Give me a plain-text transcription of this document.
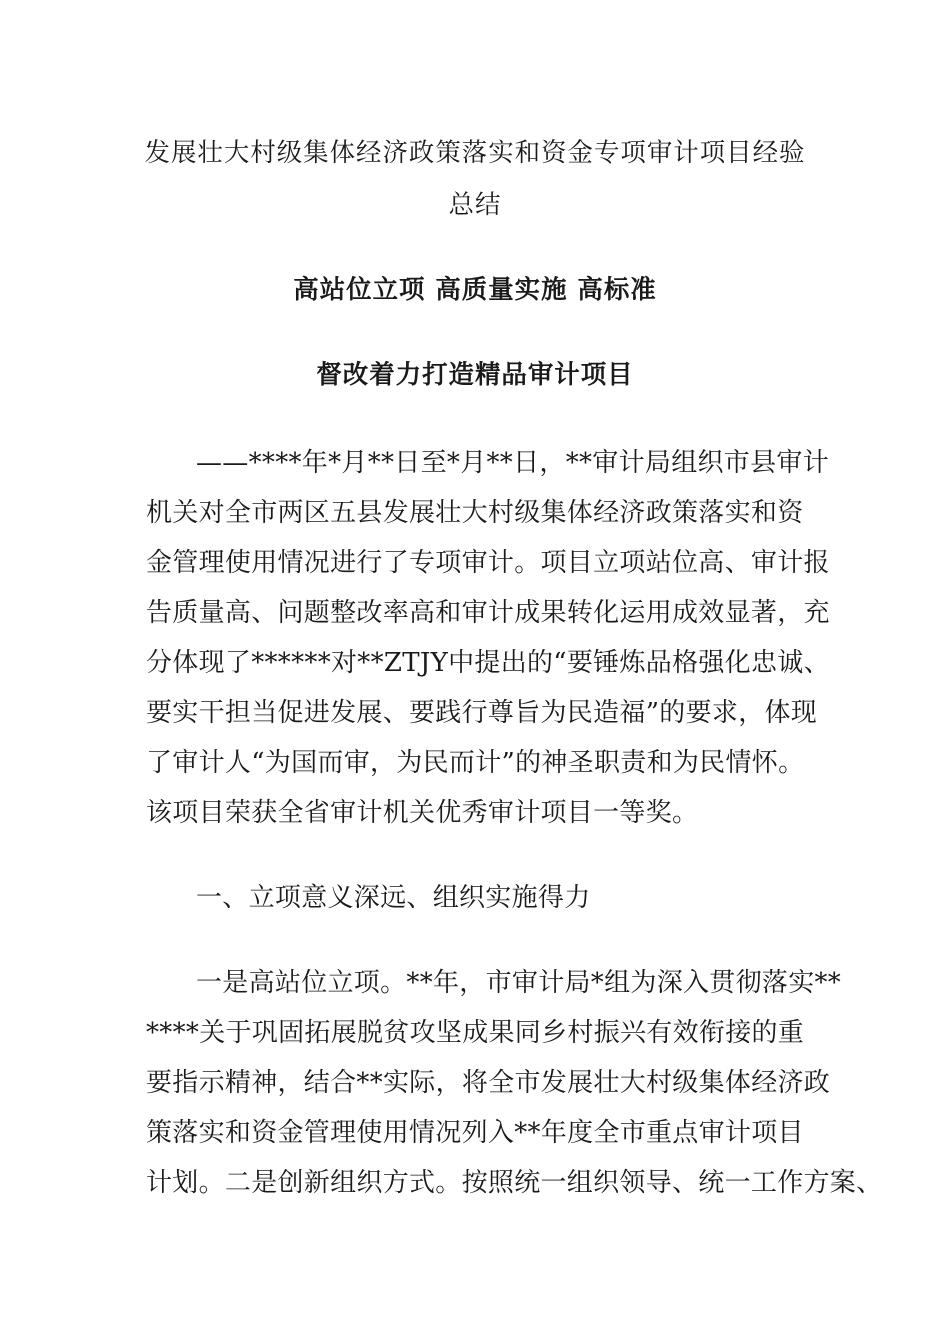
发展壮大村级集体经济政策落实和资金专项审计项目经验
总结
高站位立项 高质量实施 高标准
督改着力打造精品审计项目
——****年*月**日至*月**日，**审计局组织市县审计
机关对全市两区五县发展壮大村级集体经济政策落实和资
金管理使用情况进行了专项审计。项目立项站位高、审计报
告质量高、问题整改率高和审计成果转化运用成效显著，充
分体现了******对**ZTJY中提出的“要锤炼品格强化忠诚、
要实干担当促进发展、要践行尊旨为民造福”的要求，体现
了审计人“为国而审，为民而计”的神圣职责和为民情怀。
该项目荣获全省审计机关优秀审计项目一等奖。
一、立项意义深远、组织实施得力
一是高站位立项。**年，市审计局*组为深入贯彻落实**
****关于巩固拓展脱贫攻坚成果同乡村振兴有效衔接的重
要指示精神，结合**实际，将全市发展壮大村级集体经济政
策落实和资金管理使用情况列入**年度全市重点审计项目
计划。二是创新组织方式。按照统一组织领导、统一工作方案、
